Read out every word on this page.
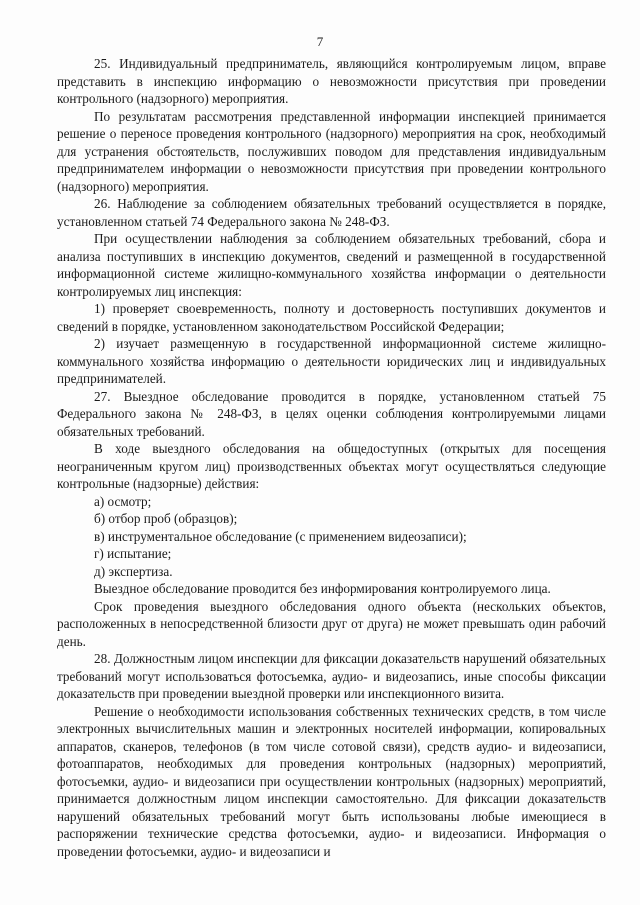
7

25. Индивидуальный предприниматель, являющийся контролируемым лицом, вправе представить в инспекцию информацию о невозможности присутствия при проведении контрольного (надзорного) мероприятия.

По результатам рассмотрения представленной информации инспекцией принимается решение о переносе проведения контрольного (надзорного) мероприятия на срок, необходимый для устранения обстоятельств, послуживших поводом для представления индивидуальным предпринимателем информации о невозможности присутствия при проведении контрольного (надзорного) мероприятия.

26. Наблюдение за соблюдением обязательных требований осуществляется в порядке, установленном статьей 74 Федерального закона № 248-ФЗ.

При осуществлении наблюдения за соблюдением обязательных требований, сбора и анализа поступивших в инспекцию документов, сведений и размещенной в государственной информационной системе жилищно-коммунального хозяйства информации о деятельности контролируемых лиц инспекция:

1) проверяет своевременность, полноту и достоверность поступивших документов и сведений в порядке, установленном законодательством Российской Федерации;

2) изучает размещенную в государственной информационной системе жилищно-коммунального хозяйства информацию о деятельности юридических лиц и индивидуальных предпринимателей.

27. Выездное обследование проводится в порядке, установленном статьей 75 Федерального закона № 248-ФЗ, в целях оценки соблюдения контролируемыми лицами обязательных требований.

В ходе выездного обследования на общедоступных (открытых для посещения неограниченным кругом лиц) производственных объектах могут осуществляться следующие контрольные (надзорные) действия:

а) осмотр;

б) отбор проб (образцов);

в) инструментальное обследование (с применением видеозаписи);

г) испытание;

д) экспертиза.

Выездное обследование проводится без информирования контролируемого лица.

Срок проведения выездного обследования одного объекта (нескольких объектов, расположенных в непосредственной близости друг от друга) не может превышать один рабочий день.

28. Должностным лицом инспекции для фиксации доказательств нарушений обязательных требований могут использоваться фотосъемка, аудио- и видеозапись, иные способы фиксации доказательств при проведении выездной проверки или инспекционного визита.

Решение о необходимости использования собственных технических средств, в том числе электронных вычислительных машин и электронных носителей информации, копировальных аппаратов, сканеров, телефонов (в том числе сотовой связи), средств аудио- и видеозаписи, фотоаппаратов, необходимых для проведения контрольных (надзорных) мероприятий, фотосъемки, аудио- и видеозаписи при осуществлении контрольных (надзорных) мероприятий, принимается должностным лицом инспекции самостоятельно. Для фиксации доказательств нарушений обязательных требований могут быть использованы любые имеющиеся в распоряжении технические средства фотосъемки, аудио- и видеозаписи. Информация о проведении фотосъемки, аудио- и видеозаписи и
